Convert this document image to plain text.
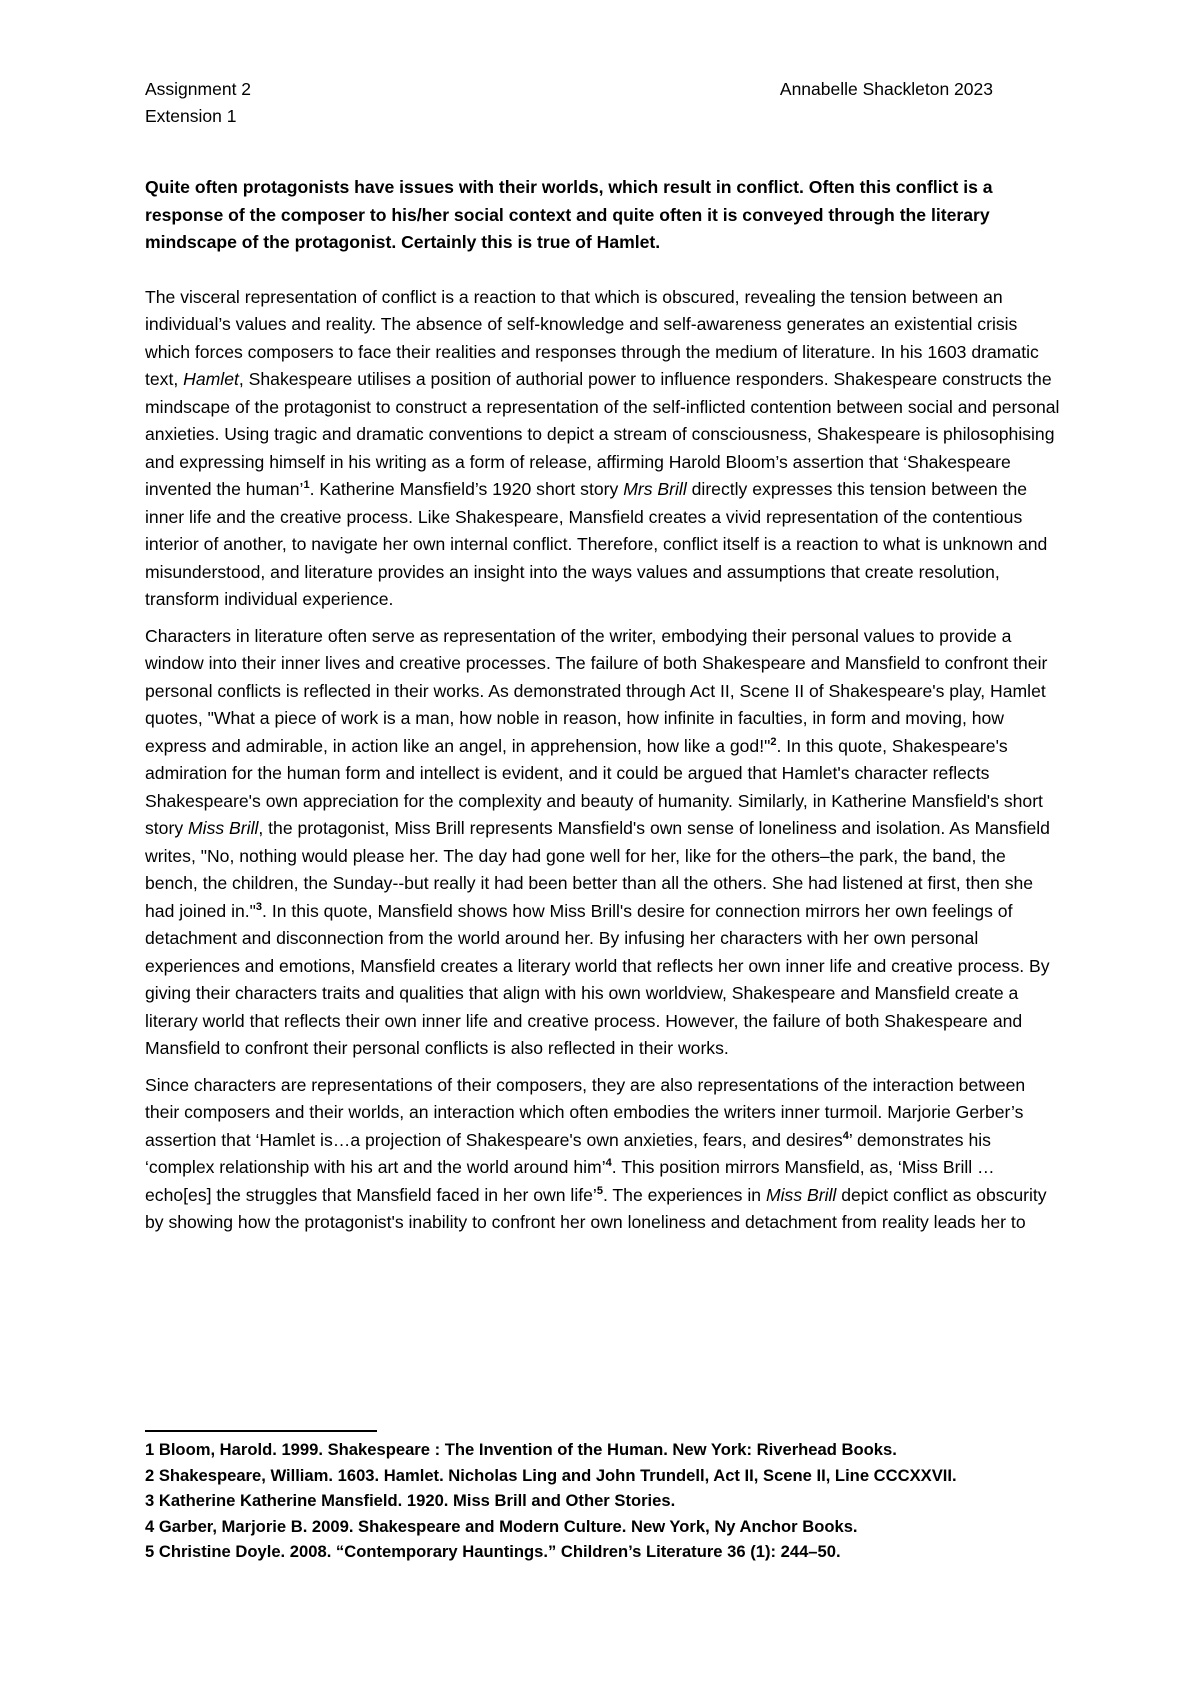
Assignment 2
Extension 1
Annabelle Shackleton 2023

Quite often protagonists have issues with their worlds, which result in conflict. Often this conflict is a response of the composer to his/her social context and quite often it is conveyed through the literary mindscape of the protagonist. Certainly this is true of Hamlet.

The visceral representation of conflict is a reaction to that which is obscured, revealing the tension between an individual’s values and reality. The absence of self-knowledge and self-awareness generates an existential crisis which forces composers to face their realities and responses through the medium of literature. In his 1603 dramatic text, Hamlet, Shakespeare utilises a position of authorial power to influence responders. Shakespeare constructs the mindscape of the protagonist to construct a representation of the self-inflicted contention between social and personal anxieties. Using tragic and dramatic conventions to depict a stream of consciousness, Shakespeare is philosophising and expressing himself in his writing as a form of release, affirming Harold Bloom’s assertion that ‘Shakespeare invented the human’$^1$. Katherine Mansfield’s 1920 short story Mrs Brill directly expresses this tension between the inner life and the creative process. Like Shakespeare, Mansfield creates a vivid representation of the contentious interior of another, to navigate her own internal conflict. Therefore, conflict itself is a reaction to what is unknown and misunderstood, and literature provides an insight into the ways values and assumptions that create resolution, transform individual experience.

Characters in literature often serve as representation of the writer, embodying their personal values to provide a window into their inner lives and creative processes. The failure of both Shakespeare and Mansfield to confront their personal conflicts is reflected in their works. As demonstrated through Act II, Scene II of Shakespeare's play, Hamlet quotes, "What a piece of work is a man, how noble in reason, how infinite in faculties, in form and moving, how express and admirable, in action like an angel, in apprehension, how like a god!"$^2$. In this quote, Shakespeare's admiration for the human form and intellect is evident, and it could be argued that Hamlet's character reflects Shakespeare's own appreciation for the complexity and beauty of humanity. Similarly, in Katherine Mansfield's short story Miss Brill, the protagonist, Miss Brill represents Mansfield's own sense of loneliness and isolation. As Mansfield writes, "No, nothing would please her. The day had gone well for her, like for the others–the park, the band, the bench, the children, the Sunday--but really it had been better than all the others. She had listened at first, then she had joined in."$^3$. In this quote, Mansfield shows how Miss Brill's desire for connection mirrors her own feelings of detachment and disconnection from the world around her. By infusing her characters with her own personal experiences and emotions, Mansfield creates a literary world that reflects her own inner life and creative process. By giving their characters traits and qualities that align with his own worldview, Shakespeare and Mansfield create a literary world that reflects their own inner life and creative process. However, the failure of both Shakespeare and Mansfield to confront their personal conflicts is also reflected in their works.

Since characters are representations of their composers, they are also representations of the interaction between their composers and their worlds, an interaction which often embodies the writers inner turmoil. Marjorie Gerber’s assertion that ‘Hamlet is…a projection of Shakespeare's own anxieties, fears, and desires$^4$’ demonstrates his ‘complex relationship with his art and the world around him’$^4$. This position mirrors Mansfield, as, ‘Miss Brill … echo[es] the struggles that Mansfield faced in her own life’$^5$. The experiences in Miss Brill depict conflict as obscurity by showing how the protagonist's inability to confront her own loneliness and detachment from reality leads her to

1 Bloom, Harold. 1999. Shakespeare : The Invention of the Human. New York: Riverhead Books.
2 Shakespeare, William. 1603. Hamlet. Nicholas Ling and John Trundell, Act II, Scene II, Line CCCXXVII.
3 Katherine Katherine Mansfield. 1920. Miss Brill and Other Stories.
4 Garber, Marjorie B. 2009. Shakespeare and Modern Culture. New York, Ny Anchor Books.
5 Christine Doyle. 2008. “Contemporary Hauntings.” Children’s Literature 36 (1): 244–50.
